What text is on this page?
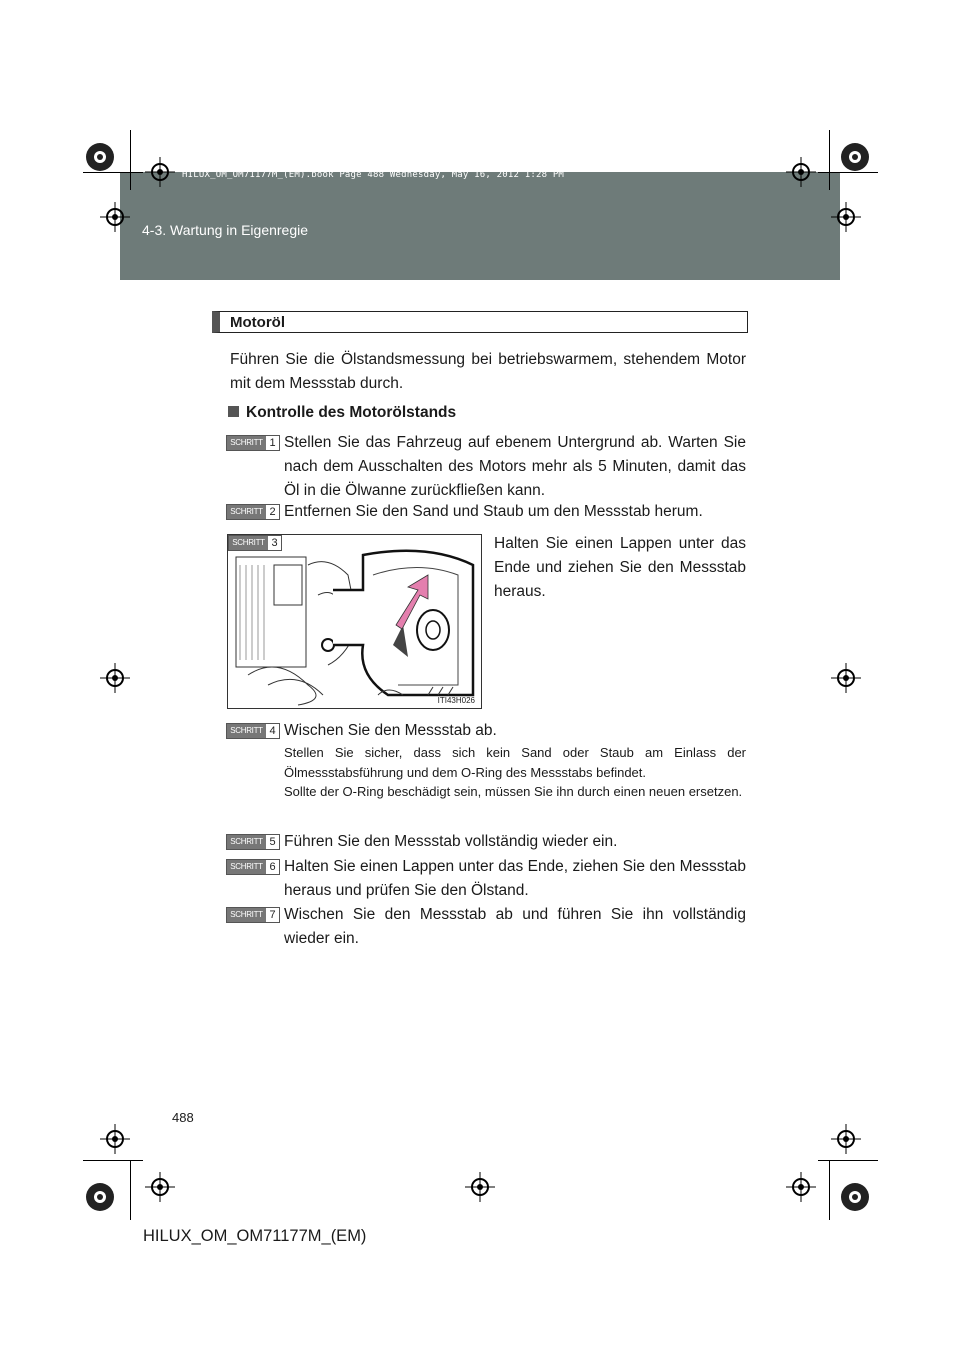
4-3. Wartung in Eigenregie
HILUX_OM_OM71177M_(EM).book Page 488 Wednesday, May 16, 2012 1:28 PM
Motoröl
Führen Sie die Ölstandsmessung bei betriebswarmem, stehendem Motor mit dem Messstab durch.
Kontrolle des Motorölstands
SCHRITT 1 Stellen Sie das Fahrzeug auf ebenem Untergrund ab. Warten Sie nach dem Ausschalten des Motors mehr als 5 Minuten, damit das Öl in die Ölwanne zurückfließen kann.
SCHRITT 2 Entfernen Sie den Sand und Staub um den Messstab herum.
SCHRITT 3
ITI43H026
Halten Sie einen Lappen unter das Ende und ziehen Sie den Messstab heraus.
SCHRITT 4 Wischen Sie den Messstab ab.
Stellen Sie sicher, dass sich kein Sand oder Staub am Einlass der Ölmessstabsführung und dem O-Ring des Messstabs befindet.
Sollte der O-Ring beschädigt sein, müssen Sie ihn durch einen neuen ersetzen.
SCHRITT 5 Führen Sie den Messstab vollständig wieder ein.
SCHRITT 6 Halten Sie einen Lappen unter das Ende, ziehen Sie den Messstab heraus und prüfen Sie den Ölstand.
SCHRITT 7 Wischen Sie den Messstab ab und führen Sie ihn vollständig wieder ein.
488
HILUX_OM_OM71177M_(EM)
